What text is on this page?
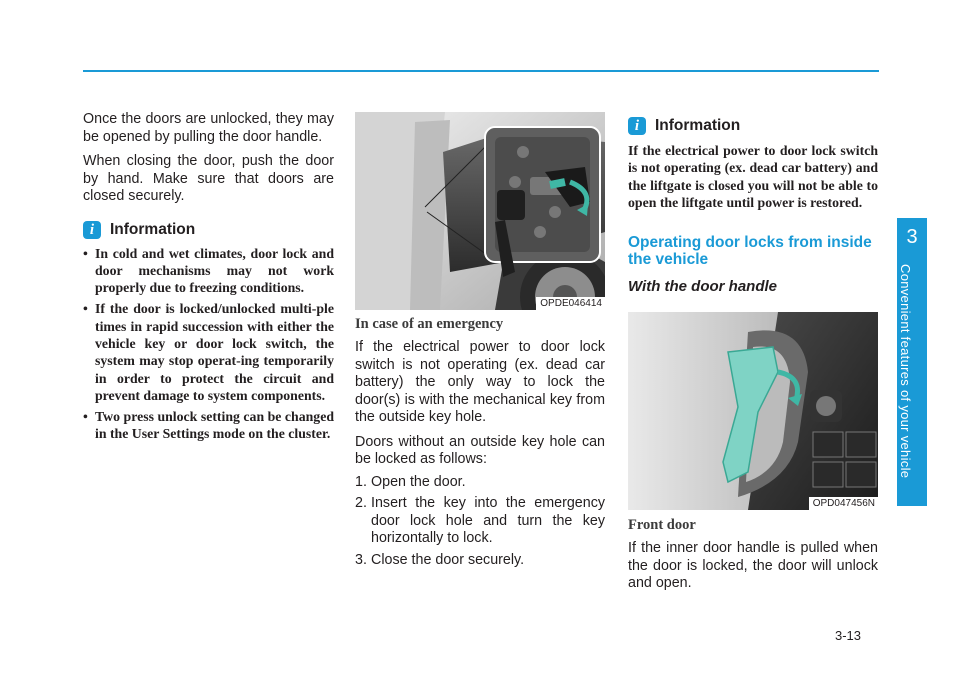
3
Convenient features of your vehicle

Once the doors are unlocked, they may be opened by pulling the door handle.

When closing the door, push the door by hand. Make sure that doors are closed securely.

i	Information
• In cold and wet climates, door lock and door mechanisms may not work properly due to freezing conditions.
• If the door is locked/unlocked multi-ple times in rapid succession with either the vehicle key or door lock switch, the system may stop operat-ing temporarily in order to protect the circuit and prevent damage to system components.
• Two press unlock setting can be changed in the User Settings mode on the cluster.
OPDE046414

In case of an emergency

If the electrical power to door lock switch is not operating (ex. dead car battery) the only way to lock the door(s) is with the mechanical key from the outside key hole.

Doors without an outside key hole can be locked as follows:

1. Open the door.
2. Insert the key into the emergency door lock hole and turn the key horizontally to lock.
3. Close the door securely.
i	Information

If the electrical power to door lock switch is not operating (ex. dead car battery) and the liftgate is closed you will not be able to open the liftgate until power is restored.

Operating door locks from inside the vehicle

With the door handle

OPD047456N

Front door

If the inner door handle is pulled when the door is locked, the door will unlock and open.

3-13
